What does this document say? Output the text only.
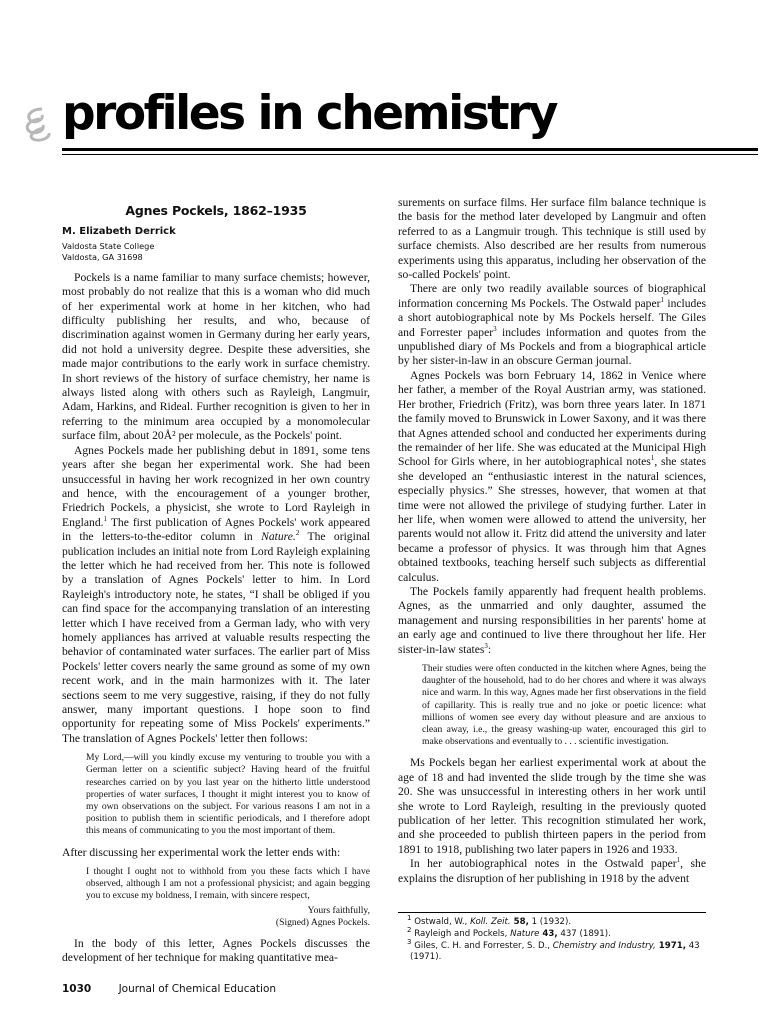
profiles in chemistry
Agnes Pockels, 1862–1935

M. Elizabeth Derrick

Valdosta State College

Valdosta, GA 31698

Pockels is a name familiar to many surface chemists; however, most probably do not realize that this is a woman who did much of her experimental work at home in her kitchen, who had difficulty publishing her results, and who, because of discrimination against women in Germany during her early years, did not hold a university degree. Despite these adversities, she made major contributions to the early work in surface chemistry. In short reviews of the history of surface chemistry, her name is always listed along with others such as Rayleigh, Langmuir, Adam, Harkins, and Rideal. Further recognition is given to her in referring to the minimum area occupied by a monomolecular surface film, about 20Å² per molecule, as the Pockels' point.

Agnes Pockels made her publishing debut in 1891, some tens years after she began her experimental work. She had been unsuccessful in having her work recognized in her own country and hence, with the encouragement of a younger brother, Friedrich Pockels, a physicist, she wrote to Lord Rayleigh in England.$^1$ The first publication of Agnes Pockels' work appeared in the letters-to-the-editor column in Nature.$^2$ The original publication includes an initial note from Lord Rayleigh explaining the letter which he had received from her. This note is followed by a translation of Agnes Pockels' letter to him. In Lord Rayleigh's introductory note, he states, “I shall be obliged if you can find space for the accompanying translation of an interesting letter which I have received from a German lady, who with very homely appliances has arrived at valuable results respecting the behavior of contaminated water surfaces. The earlier part of Miss Pockels' letter covers nearly the same ground as some of my own recent work, and in the main harmonizes with it. The later sections seem to me very suggestive, raising, if they do not fully answer, many important questions. I hope soon to find opportunity for repeating some of Miss Pockels' experiments.” The translation of Agnes Pockels' letter then follows:

My Lord,—will you kindly excuse my venturing to trouble you with a German letter on a scientific subject? Having heard of the fruitful researches carried on by you last year on the hitherto little understood properties of water surfaces, I thought it might interest you to know of my own observations on the subject. For various reasons I am not in a position to publish them in scientific periodicals, and I therefore adopt this means of communicating to you the most important of them.

After discussing her experimental work the letter ends with:

I thought I ought not to withhold from you these facts which I have observed, although I am not a professional physicist; and again begging you to excuse my boldness, I remain, with sincere respect,
Yours faithfully,
(Signed) Agnes Pockels.

In the body of this letter, Agnes Pockels discusses the development of her technique for making quantitative mea-

surements on surface films. Her surface film balance technique is the basis for the method later developed by Langmuir and often referred to as a Langmuir trough. This technique is still used by surface chemists. Also described are her results from numerous experiments using this apparatus, including her observation of the so-called Pockels' point.

There are only two readily available sources of biographical information concerning Ms Pockels. The Ostwald paper$^1$ includes a short autobiographical note by Ms Pockels herself. The Giles and Forrester paper$^3$ includes information and quotes from the unpublished diary of Ms Pockels and from a biographical article by her sister-in-law in an obscure German journal.

Agnes Pockels was born February 14, 1862 in Venice where her father, a member of the Royal Austrian army, was stationed. Her brother, Friedrich (Fritz), was born three years later. In 1871 the family moved to Brunswick in Lower Saxony, and it was there that Agnes attended school and conducted her experiments during the remainder of her life. She was educated at the Municipal High School for Girls where, in her autobiographical notes$^1$, she states she developed an “enthusiastic interest in the natural sciences, especially physics.” She stresses, however, that women at that time were not allowed the privilege of studying further. Later in her life, when women were allowed to attend the university, her parents would not allow it. Fritz did attend the university and later became a professor of physics. It was through him that Agnes obtained textbooks, teaching herself such subjects as differential calculus.

The Pockels family apparently had frequent health problems. Agnes, as the unmarried and only daughter, assumed the management and nursing responsibilities in her parents' home at an early age and continued to live there throughout her life. Her sister-in-law states$^3$:

Their studies were often conducted in the kitchen where Agnes, being the daughter of the household, had to do her chores and where it was always nice and warm. In this way, Agnes made her first observations in the field of capillarity. This is really true and no joke or poetic licence: what millions of women see every day without pleasure and are anxious to clean away, i.e., the greasy washing-up water, encouraged this girl to make observations and eventually to . . . scientific investigation.

Ms Pockels began her earliest experimental work at about the age of 18 and had invented the slide trough by the time she was 20. She was unsuccessful in interesting others in her work until she wrote to Lord Rayleigh, resulting in the previously quoted publication of her letter. This recognition stimulated her work, and she proceeded to publish thirteen papers in the period from 1891 to 1918, publishing two later papers in 1926 and 1933.

In her autobiographical notes in the Ostwald paper$^1$, she explains the disruption of her publishing in 1918 by the advent

$^1$ Ostwald, W., Koll. Zeit. 58, 1 (1932).

$^2$ Rayleigh and Pockels, Nature 43, 437 (1891).

$^3$ Giles, C. H. and Forrester, S. D., Chemistry and Industry, 1971, 43 (1971).

1030	Journal of Chemical Education
